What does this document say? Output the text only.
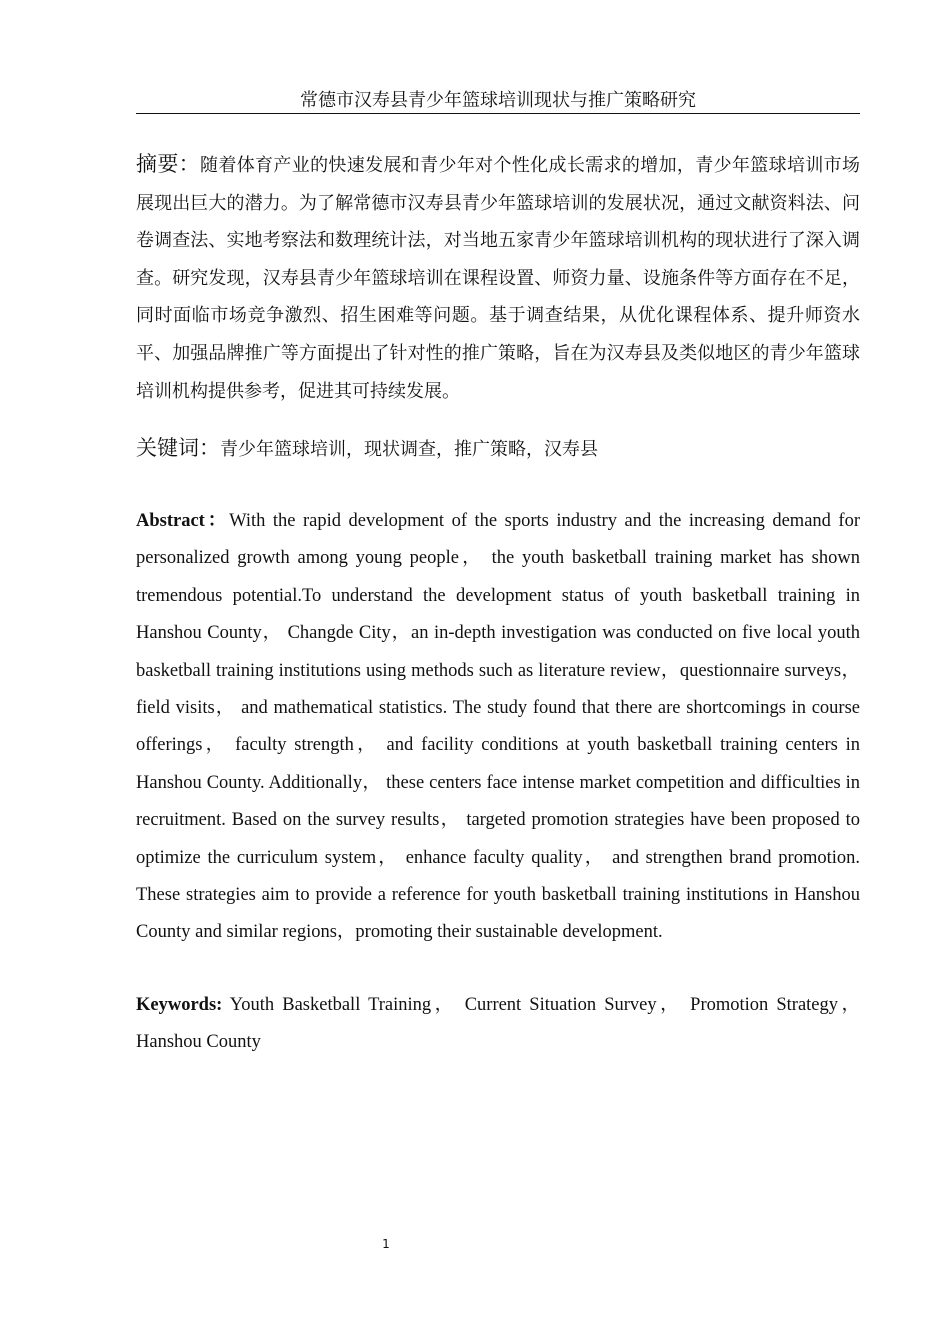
常德市汉寿县青少年篮球培训现状与推广策略研究
摘要：随着体育产业的快速发展和青少年对个性化成长需求的增加，青少年篮球培训市场展现出巨大的潜力。为了解常德市汉寿县青少年篮球培训的发展状况，通过文献资料法、问卷调查法、实地考察法和数理统计法，对当地五家青少年篮球培训机构的现状进行了深入调查。研究发现，汉寿县青少年篮球培训在课程设置、师资力量、设施条件等方面存在不足，同时面临市场竞争激烈、招生困难等问题。基于调查结果，从优化课程体系、提升师资水平、加强品牌推广等方面提出了针对性的推广策略，旨在为汉寿县及类似地区的青少年篮球培训机构提供参考，促进其可持续发展。
关键词：青少年篮球培训，现状调查，推广策略，汉寿县
Abstract：With the rapid development of the sports industry and the increasing demand for personalized growth among young people， the youth basketball training market has shown tremendous potential.To understand the development status of youth basketball training in Hanshou County， Changde City，an in-depth investigation was conducted on five local youth basketball training institutions using methods such as literature review，questionnaire surveys， field visits， and mathematical statistics. The study found that there are shortcomings in course offerings， faculty strength， and facility conditions at youth basketball training centers in Hanshou County. Additionally， these centers face intense market competition and difficulties in recruitment. Based on the survey results， targeted promotion strategies have been proposed to optimize the curriculum system， enhance faculty quality， and strengthen brand promotion. These strategies aim to provide a reference for youth basketball training institutions in Hanshou County and similar regions，promoting their sustainable development.
Keywords: Youth Basketball Training， Current Situation Survey， Promotion Strategy，Hanshou County
1
